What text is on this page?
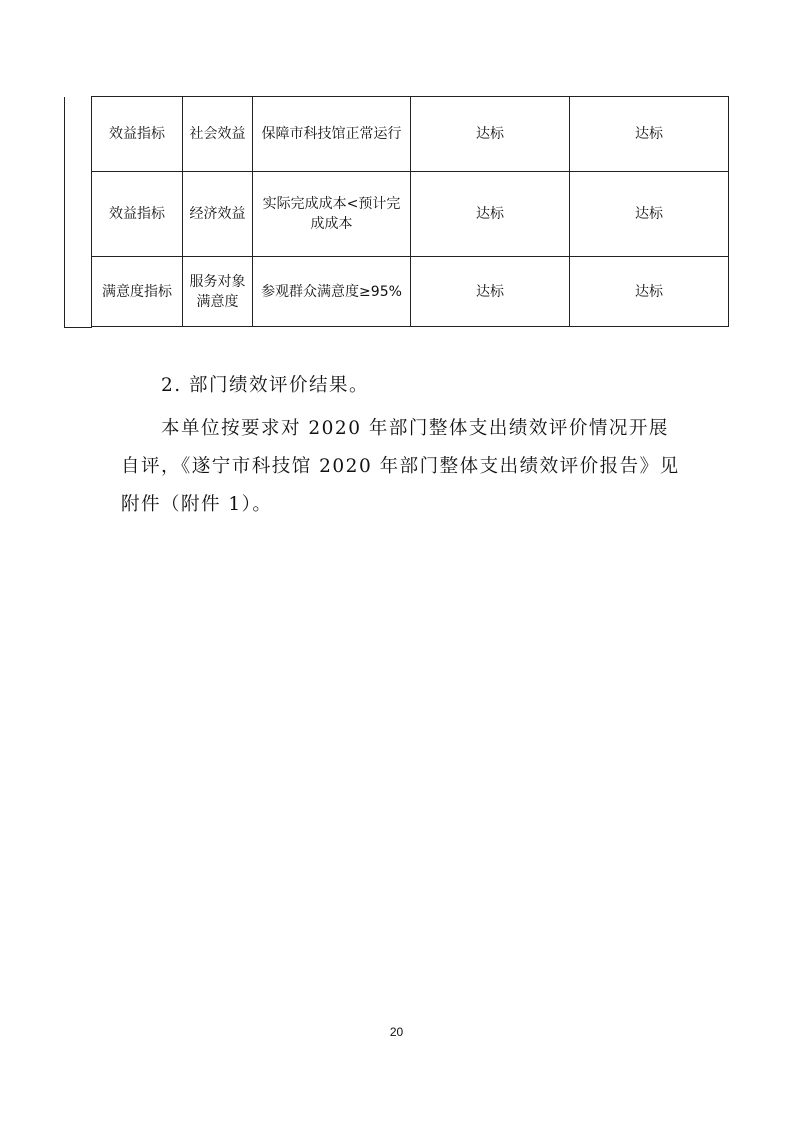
效益指标	社会效益	保障市科技馆正常运行	达标	达标
效益指标	经济效益	实际完成成本<预计完成成本	达标	达标
满意度指标	服务对象满意度	参观群众满意度≥95%	达标	达标
2. 部门绩效评价结果。
本单位按要求对 2020 年部门整体支出绩效评价情况开展自评，《遂宁市科技馆 2020 年部门整体支出绩效评价报告》见附件（附件 1）。
20
